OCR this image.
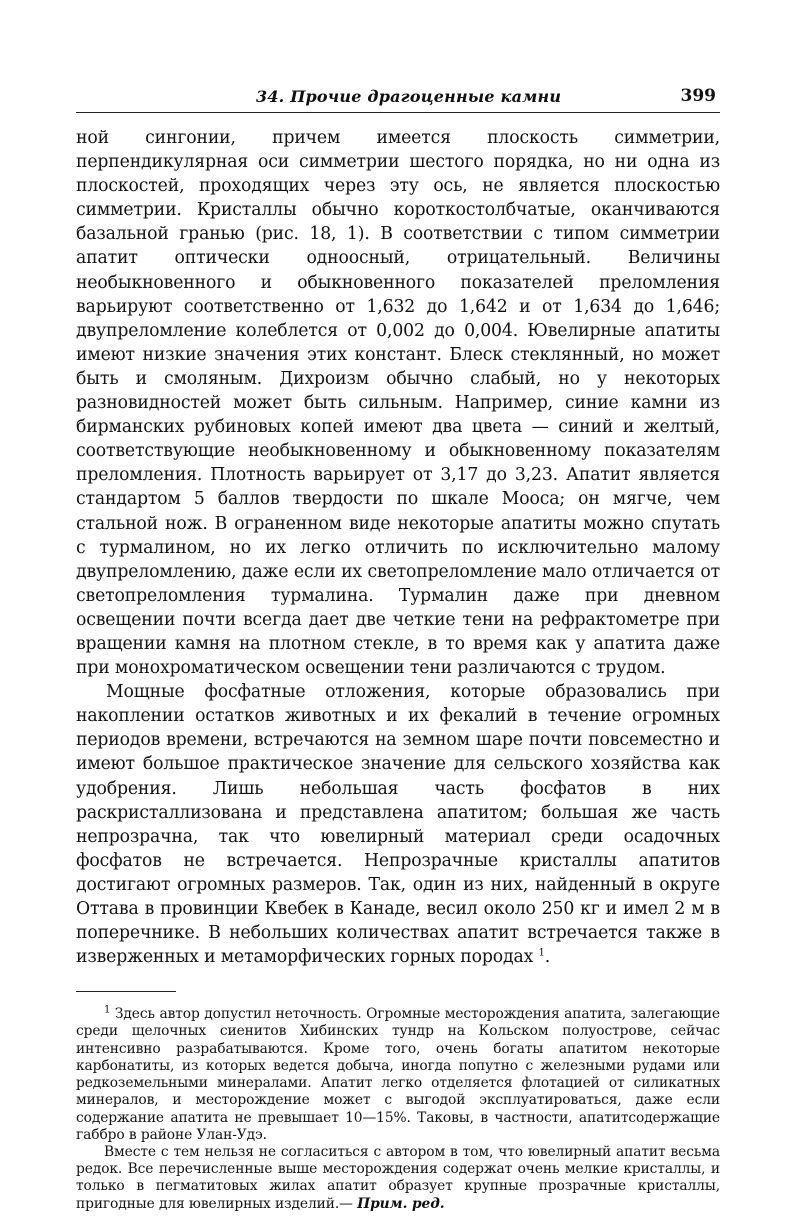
34. Прочие драгоценные камни	399

ной сингонии, причем имеется плоскость симметрии, перпендикулярная оси симметрии шестого порядка, но ни одна из плоскостей, проходящих через эту ось, не является плоскостью симметрии. Кристаллы обычно короткостолбчатые, оканчиваются базальной гранью (рис. 18, 1). В соответствии с типом симметрии апатит оптически одноосный, отрицательный. Величины необыкновенного и обыкновенного показателей преломления варьируют соответственно от 1,632 до 1,642 и от 1,634 до 1,646; двупреломление колеблется от 0,002 до 0,004. Ювелирные апатиты имеют низкие значения этих констант. Блеск стеклянный, но может быть и смоляным. Дихроизм обычно слабый, но у некоторых разновидностей может быть сильным. Например, синие камни из бирманских рубиновых копей имеют два цвета — синий и желтый, соответствующие необыкновенному и обыкновенному показателям преломления. Плотность варьирует от 3,17 до 3,23. Апатит является стандартом 5 баллов твердости по шкале Мооса; он мягче, чем стальной нож. В ограненном виде некоторые апатиты можно спутать с турмалином, но их легко отличить по исключительно малому двупреломлению, даже если их светопреломление мало отличается от светопреломления турмалина. Турмалин даже при дневном освещении почти всегда дает две четкие тени на рефрактометре при вращении камня на плотном стекле, в то время как у апатита даже при монохроматическом освещении тени различаются с трудом.

Мощные фосфатные отложения, которые образовались при накоплении остатков животных и их фекалий в течение огромных периодов времени, встречаются на земном шаре почти повсеместно и имеют большое практическое значение для сельского хозяйства как удобрения. Лишь небольшая часть фосфатов в них раскристаллизована и представлена апатитом; большая же часть непрозрачна, так что ювелирный материал среди осадочных фосфатов не встречается. Непрозрачные кристаллы апатитов достигают огромных размеров. Так, один из них, найденный в округе Оттава в провинции Квебек в Канаде, весил около 250 кг и имел 2 м в поперечнике. В небольших количествах апатит встречается также в изверженных и метаморфических горных породах $^1$.

$^1$ Здесь автор допустил неточность. Огромные месторождения апатита, залегающие среди щелочных сиенитов Хибинских тундр на Кольском полуострове, сейчас интенсивно разрабатываются. Кроме того, очень богаты апатитом некоторые карбонатиты, из которых ведется добыча, иногда попутно с железными рудами или редкоземельными минералами. Апатит легко отделяется флотацией от силикатных минералов, и месторождение может с выгодой эксплуатироваться, даже если содержание апатита не превышает 10—15%. Таковы, в частности, апатитсодержащие габбро в районе Улан-Удэ.

Вместе с тем нельзя не согласиться с автором в том, что ювелирный апатит весьма редок. Все перечисленные выше месторождения содержат очень мелкие кристаллы, и только в пегматитовых жилах апатит образует крупные прозрачные кристаллы, пригодные для ювелирных изделий.— Прим. ред.
